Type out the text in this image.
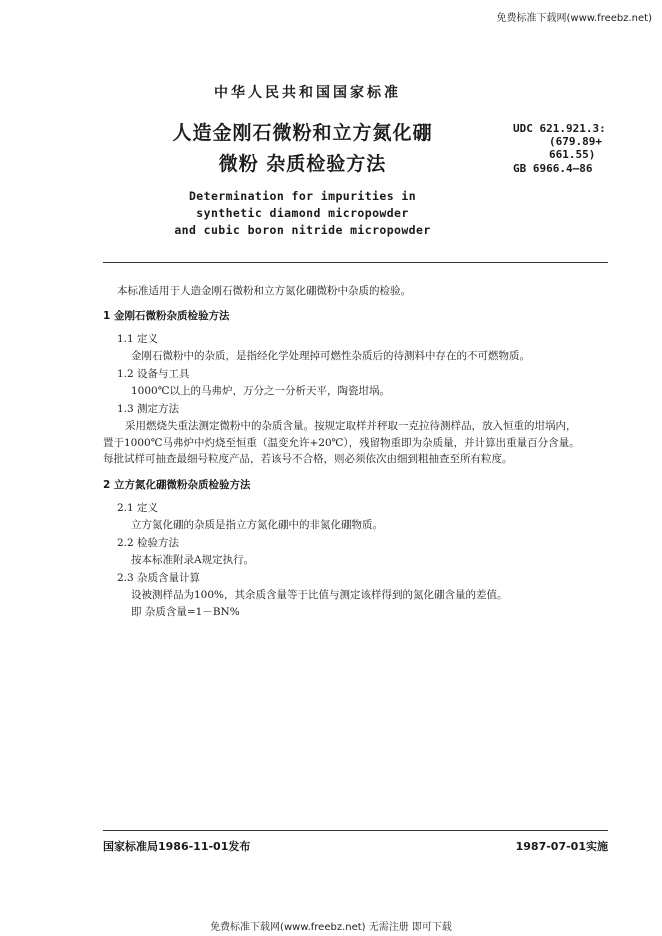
免费标准下载网(www.freebz.net)
中华人民共和国国家标准
人造金刚石微粉和立方氮化硼
微粉 杂质检验方法
Determination for impurities in
synthetic diamond micropowder
and cubic boron nitride micropowder
UDC 621.921.3:
(679.89+
661.55)
GB 6966.4—86
本标准适用于人造金刚石微粉和立方氮化硼微粉中杂质的检验。
1 金刚石微粉杂质检验方法
1.1 定义
金刚石微粉中的杂质，是指经化学处理掉可燃性杂质后的待测料中存在的不可燃物质。
1.2 设备与工具
1000℃以上的马弗炉，万分之一分析天平，陶瓷坩埚。
1.3 测定方法
采用燃烧失重法测定微粉中的杂质含量。按规定取样并秤取一克拉待测样品，放入恒重的坩埚内，
置于1000℃马弗炉中灼烧至恒重（温变允许+20℃），残留物重即为杂质量，并计算出重量百分含量。
每批试样可抽查最细号粒度产品，若该号不合格，则必须依次由细到粗抽查至所有粒度。
2 立方氮化硼微粉杂质检验方法
2.1 定义
立方氮化硼的杂质是指立方氮化硼中的非氮化硼物质。
2.2 检验方法
按本标准附录A规定执行。
2.3 杂质含量计算
设被测样品为100%，其余质含量等于比值与测定该样得到的氮化硼含量的差值。
即 杂质含量=1－BN%
国家标准局1986-11-01发布	1987-07-01实施
免费标准下载网(www.freebz.net) 无需注册 即可下载
